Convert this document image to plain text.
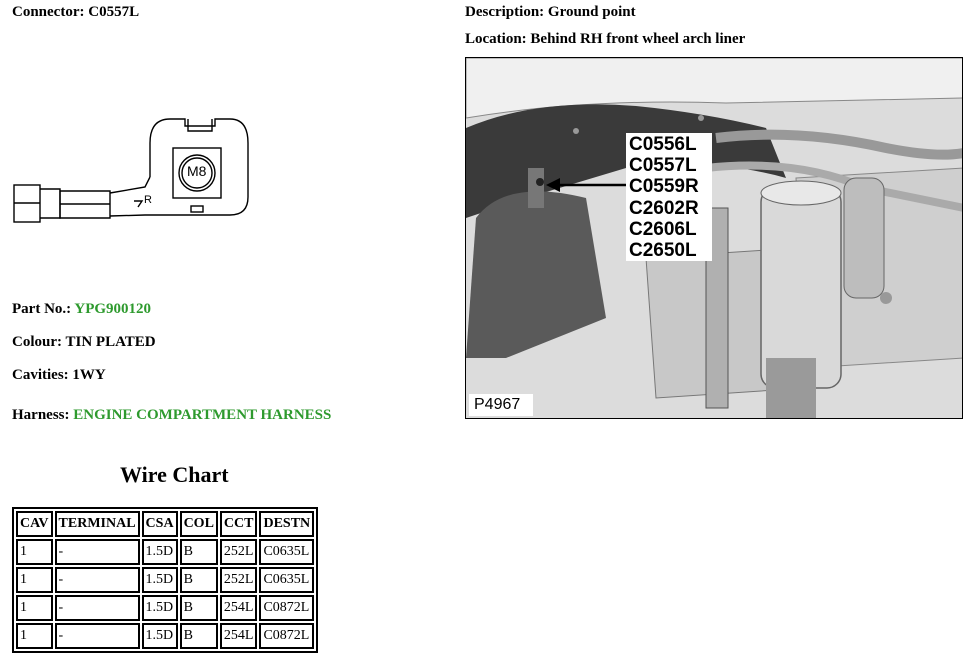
Connector: C0557L	Description: Ground point
Location: Behind RH front wheel arch liner
M8
R
C0556L
C0557L
C0559R
C2602R
C2606L
C2650L
P4967
Part No.: YPG900120
Colour: TIN PLATED
Cavities: 1WY
Harness: ENGINE COMPARTMENT HARNESS
Wire Chart
CAV	TERMINAL	CSA	COL	CCT	DESTN
1	-	1.5D	B	252L	C0635L
1	-	1.5D	B	252L	C0635L
1	-	1.5D	B	254L	C0872L
1	-	1.5D	B	254L	C0872L
